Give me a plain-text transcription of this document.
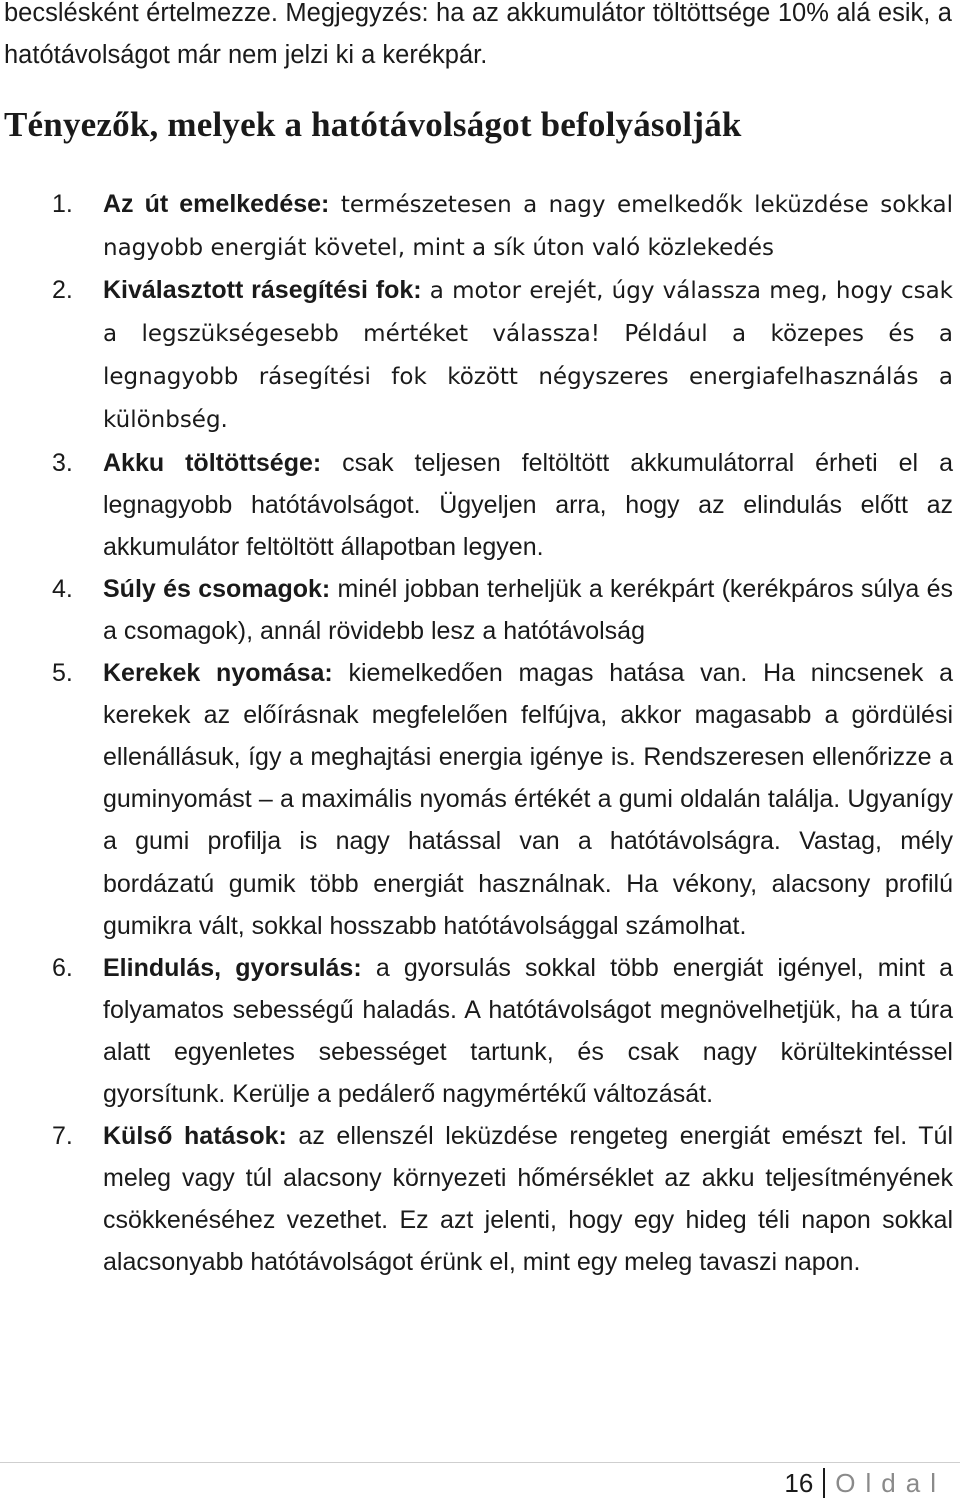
becslésként értelmezze. Megjegyzés: ha az akkumulátor töltöttsége 10% alá esik, a hatótávolságot már nem jelzi ki a kerékpár.

Tényezők, melyek a hatótávolságot befolyásolják
1. Az út emelkedése: természetesen a nagy emelkedők leküzdése sokkal nagyobb energiát követel, mint a sík úton való közlekedés
2. Kiválasztott rásegítési fok: a motor erejét, úgy válassza meg, hogy csak a legszükségesebb mértéket válassza! Például a közepes és a legnagyobb rásegítési fok között négyszeres energiafelhasználás a különbség.
3. Akku töltöttsége: csak teljesen feltöltött akkumulátorral érheti el a legnagyobb hatótávolságot. Ügyeljen arra, hogy az elindulás előtt az akkumulátor feltöltött állapotban legyen.
4. Súly és csomagok: minél jobban terheljük a kerékpárt (kerékpáros súlya és a csomagok), annál rövidebb lesz a hatótávolság
5. Kerekek nyomása: kiemelkedően magas hatása van. Ha nincsenek a kerekek az előírásnak megfelelően felfújva, akkor magasabb a gördülési ellenállásuk, így a meghajtási energia igénye is. Rendszeresen ellenőrizze a guminyomást – a maximális nyomás értékét a gumi oldalán találja. Ugyanígy a gumi profilja is nagy hatással van a hatótávolságra. Vastag, mély bordázatú gumik több energiát használnak. Ha vékony, alacsony profilú gumikra vált, sokkal hosszabb hatótávolsággal számolhat.
6. Elindulás, gyorsulás: a gyorsulás sokkal több energiát igényel, mint a folyamatos sebességű haladás. A hatótávolságot megnövelhetjük, ha a túra alatt egyenletes sebességet tartunk, és csak nagy körültekintéssel gyorsítunk. Kerülje a pedálerő nagymértékű változását.
7. Külső hatások: az ellenszél leküzdése rengeteg energiát emészt fel. Túl meleg vagy túl alacsony környezeti hőmérséklet az akku teljesítményének csökkenéséhez vezethet. Ez azt jelenti, hogy egy hideg téli napon sokkal alacsonyabb hatótávolságot érünk el, mint egy meleg tavaszi napon.
16 Oldal
